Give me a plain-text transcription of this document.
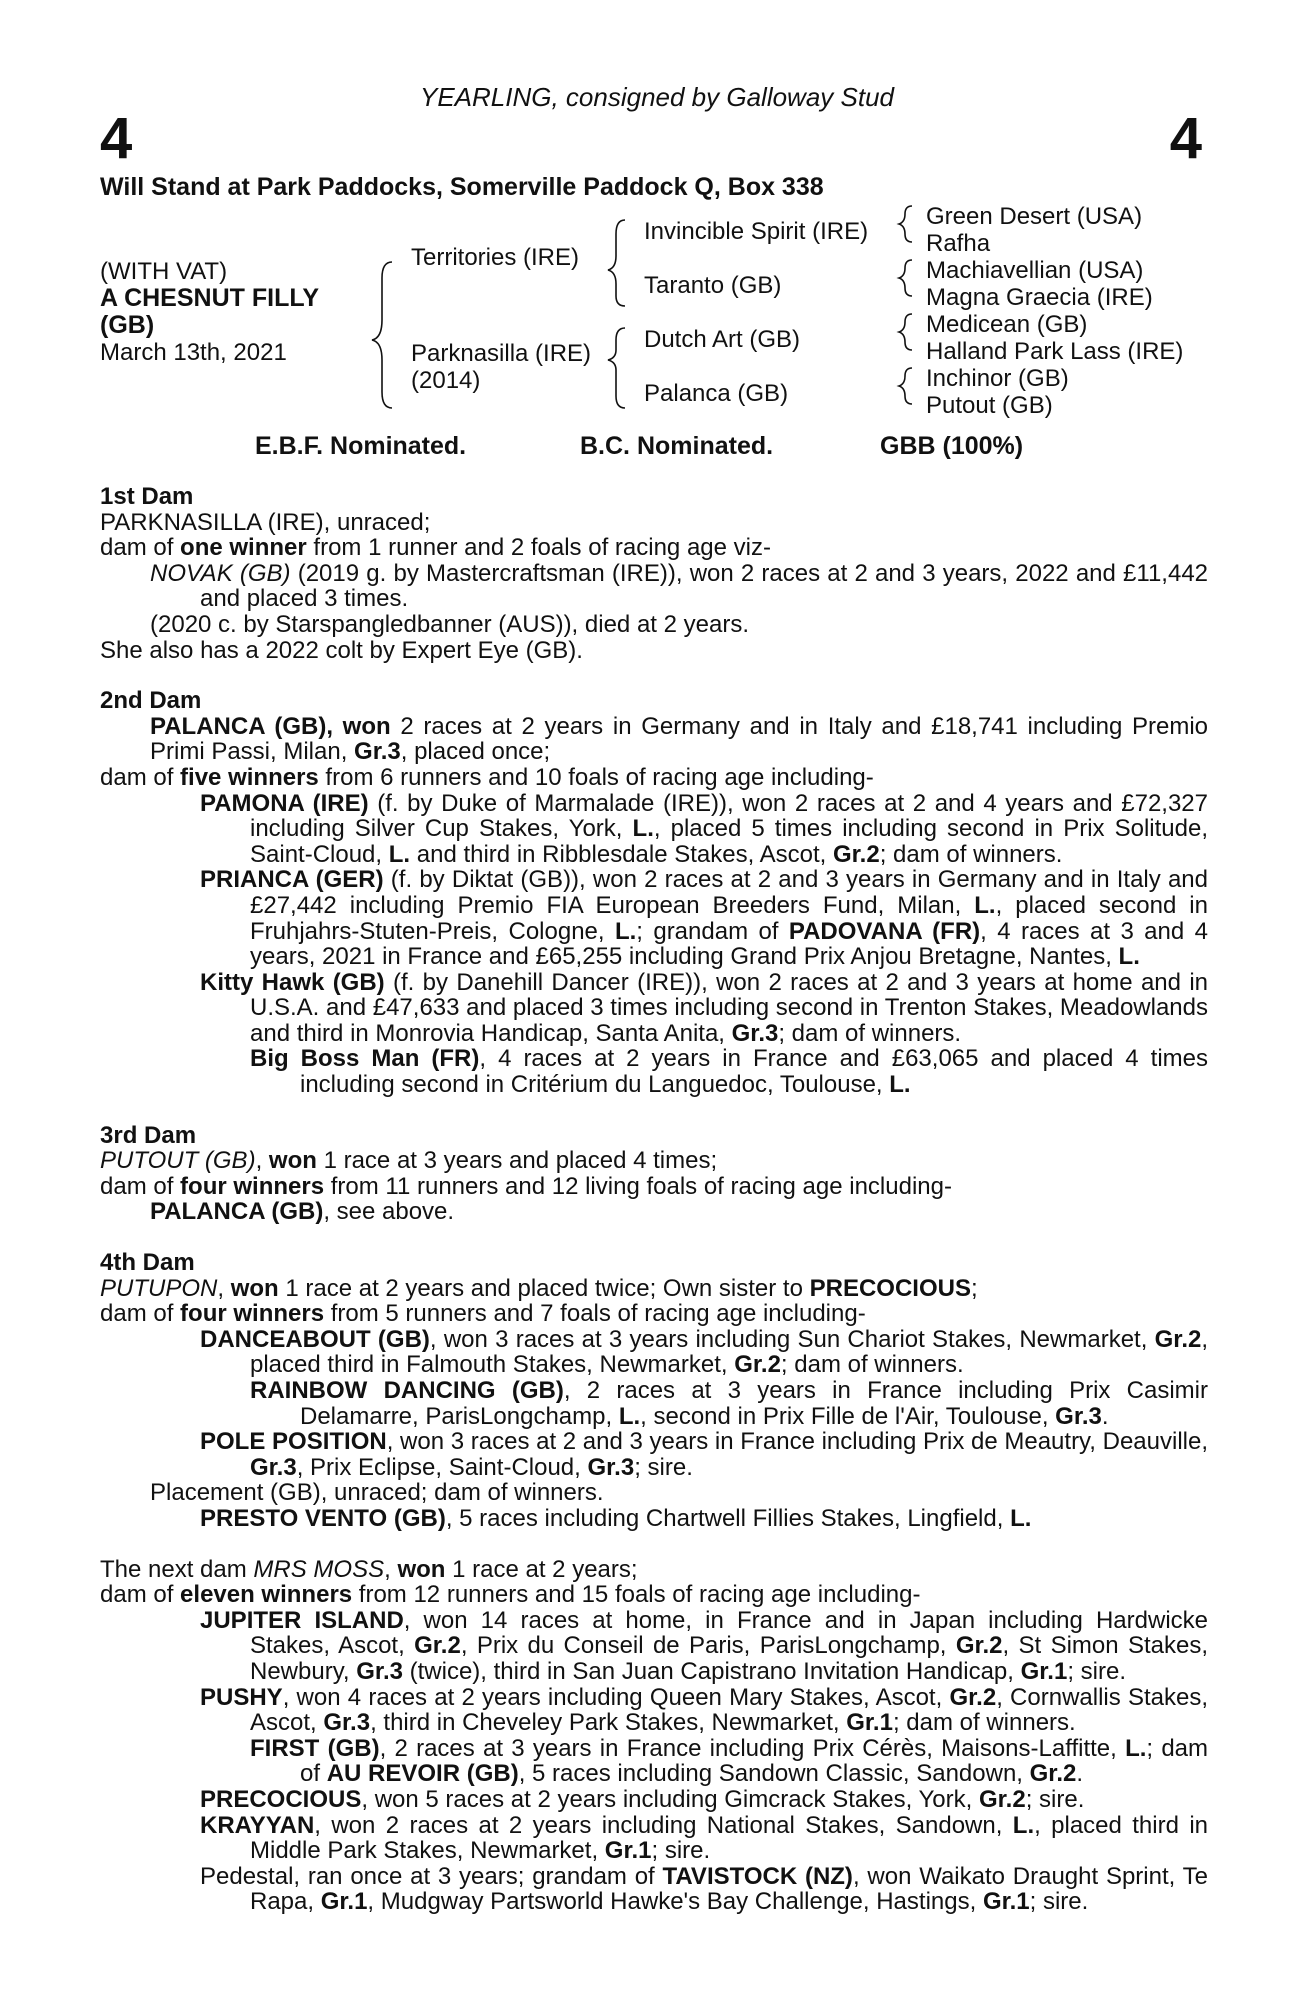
YEARLING, consigned by Galloway Stud
4	4
Will Stand at Park Paddocks, Somerville Paddock Q, Box 338
(WITH VAT)
A CHESNUT FILLY
(GB)
March 13th, 2021
Territories (IRE)
Parknasilla (IRE)
(2014)
Invincible Spirit (IRE)
Taranto (GB)
Dutch Art (GB)
Palanca (GB)
Green Desert (USA)
Rafha
Machiavellian (USA)
Magna Graecia (IRE)
Medicean (GB)
Halland Park Lass (IRE)
Inchinor (GB)
Putout (GB)
E.B.F. Nominated.	B.C. Nominated.	GBB (100%)

1st Dam

PARKNASILLA (IRE), unraced;

dam of one winner from 1 runner and 2 foals of racing age viz-

NOVAK (GB) (2019 g. by Mastercraftsman (IRE)), won 2 races at 2 and 3 years, 2022 and £11,442 and placed 3 times.

(2020 c. by Starspangledbanner (AUS)), died at 2 years.

She also has a 2022 colt by Expert Eye (GB).

2nd Dam

PALANCA (GB), won 2 races at 2 years in Germany and in Italy and £18,741 including Premio Primi Passi, Milan, Gr.3, placed once;

dam of five winners from 6 runners and 10 foals of racing age including-

PAMONA (IRE) (f. by Duke of Marmalade (IRE)), won 2 races at 2 and 4 years and £72,327 including Silver Cup Stakes, York, L., placed 5 times including second in Prix Solitude, Saint-Cloud, L. and third in Ribblesdale Stakes, Ascot, Gr.2; dam of winners.

PRIANCA (GER) (f. by Diktat (GB)), won 2 races at 2 and 3 years in Germany and in Italy and £27,442 including Premio FIA European Breeders Fund, Milan, L., placed second in Fruhjahrs-Stuten-Preis, Cologne, L.; grandam of PADOVANA (FR), 4 races at 3 and 4 years, 2021 in France and £65,255 including Grand Prix Anjou Bretagne, Nantes, L.

Kitty Hawk (GB) (f. by Danehill Dancer (IRE)), won 2 races at 2 and 3 years at home and in U.S.A. and £47,633 and placed 3 times including second in Trenton Stakes, Meadowlands and third in Monrovia Handicap, Santa Anita, Gr.3; dam of winners.

Big Boss Man (FR), 4 races at 2 years in France and £63,065 and placed 4 times including second in Critérium du Languedoc, Toulouse, L.

3rd Dam

PUTOUT (GB), won 1 race at 3 years and placed 4 times;

dam of four winners from 11 runners and 12 living foals of racing age including-

PALANCA (GB), see above.

4th Dam

PUTUPON, won 1 race at 2 years and placed twice; Own sister to PRECOCIOUS;

dam of four winners from 5 runners and 7 foals of racing age including-

DANCEABOUT (GB), won 3 races at 3 years including Sun Chariot Stakes, Newmarket, Gr.2, placed third in Falmouth Stakes, Newmarket, Gr.2; dam of winners.

RAINBOW DANCING (GB), 2 races at 3 years in France including Prix Casimir Delamarre, ParisLongchamp, L., second in Prix Fille de l'Air, Toulouse, Gr.3.

POLE POSITION, won 3 races at 2 and 3 years in France including Prix de Meautry, Deauville, Gr.3, Prix Eclipse, Saint-Cloud, Gr.3; sire.

Placement (GB), unraced; dam of winners.

PRESTO VENTO (GB), 5 races including Chartwell Fillies Stakes, Lingfield, L.

The next dam MRS MOSS, won 1 race at 2 years;

dam of eleven winners from 12 runners and 15 foals of racing age including-

JUPITER ISLAND, won 14 races at home, in France and in Japan including Hardwicke Stakes, Ascot, Gr.2, Prix du Conseil de Paris, ParisLongchamp, Gr.2, St Simon Stakes, Newbury, Gr.3 (twice), third in San Juan Capistrano Invitation Handicap, Gr.1; sire.

PUSHY, won 4 races at 2 years including Queen Mary Stakes, Ascot, Gr.2, Cornwallis Stakes, Ascot, Gr.3, third in Cheveley Park Stakes, Newmarket, Gr.1; dam of winners.

FIRST (GB), 2 races at 3 years in France including Prix Cérès, Maisons-Laffitte, L.; dam of AU REVOIR (GB), 5 races including Sandown Classic, Sandown, Gr.2.

PRECOCIOUS, won 5 races at 2 years including Gimcrack Stakes, York, Gr.2; sire.

KRAYYAN, won 2 races at 2 years including National Stakes, Sandown, L., placed third in Middle Park Stakes, Newmarket, Gr.1; sire.

Pedestal, ran once at 3 years; grandam of TAVISTOCK (NZ), won Waikato Draught Sprint, Te Rapa, Gr.1, Mudgway Partsworld Hawke's Bay Challenge, Hastings, Gr.1; sire.
